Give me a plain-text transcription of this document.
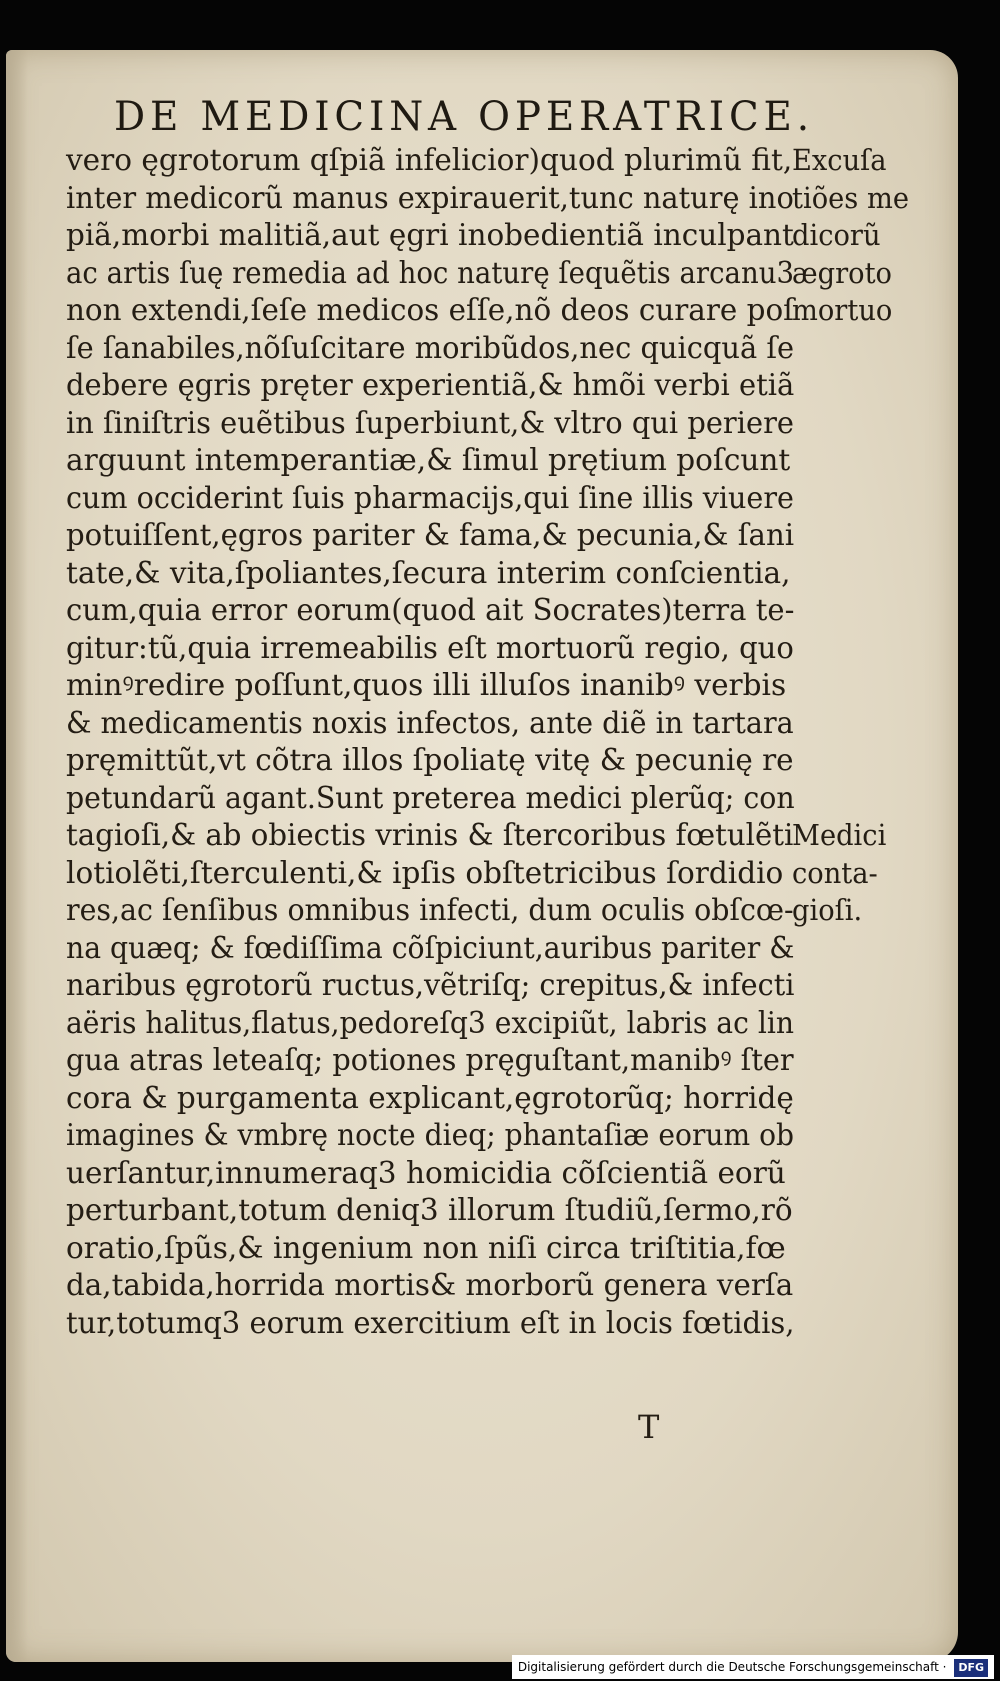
DE MEDICINA OPERATRICE.
vero ęgrotorum qſpiã infelicior)quod plurimũ fit,
inter medicorũ manus expirauerit,tunc naturę ino
piã,morbi malitiã,aut ęgri inobedientiã inculpant
ac artis ſuę remedia ad hoc naturę ſequẽtis arcanu3
non extendi,ſeſe medicos eſſe,nõ deos curare poſ
ſe ſanabiles,nõſuſcitare moribũdos,nec quicquã ſe
debere ęgris pręter experientiã,& hmõi verbi etiã
in ſiniſtris euẽtibus ſuperbiunt,& vltro qui periere
arguunt intemperantiæ,& ſimul prętium poſcunt
cum occiderint ſuis pharmacijs,qui ſine illis viuere
potuiſſent,ęgros pariter & fama,& pecunia,& ſani
tate,& vita,ſpoliantes,ſecura interim conſcientia,
cum,quia error eorum(quod ait Socrates)terra te-
gitur:tũ,quia irremeabilis eſt mortuorũ regio, quo
minꝰredire poſſunt,quos illi illuſos inanibꝰ verbis
& medicamentis noxis infectos, ante diẽ in tartara
pręmittũt,vt cõtra illos ſpoliatę vitę & pecunię re
petundarũ agant.Sunt preterea medici plerũq; con
tagioſi,& ab obiectis vrinis & ſtercoribus fœtulẽti
lotiolẽti,ſterculenti,& ipſis obſtetricibus ſordidio
res,ac ſenſibus omnibus infecti, dum oculis obſcœ-
na quæq; & fœdiſſima cõſpiciunt,auribus pariter &
naribus ęgrotorũ ructus,vẽtriſq; crepitus,& infecti
aëris halitus,flatus,pedoreſq3 excipiũt, labris ac lin
gua atras leteaſq; potiones pręguſtant,manibꝰ ſter
cora & purgamenta explicant,ęgrotorũq; horridę
imagines & vmbrę nocte dieq; phantaſiæ eorum ob
uerſantur,innumeraq3 homicidia cõſcientiã eorũ
perturbant,totum deniq3 illorum ſtudiũ,ſermo,rõ
oratio,ſpũs,& ingenium non niſi circa triſtitia,fœ
da,tabida,horrida mortis& morborũ genera verſa
tur,totumq3 eorum exercitium eſt in locis fœtidis,
Excuſa
tiões me
dicorũ
ægroto
mortuo
Medici
conta-
gioſi.
T
Digitalisierung gefördert durch die Deutsche Forschungsgemeinschaft · DFG
